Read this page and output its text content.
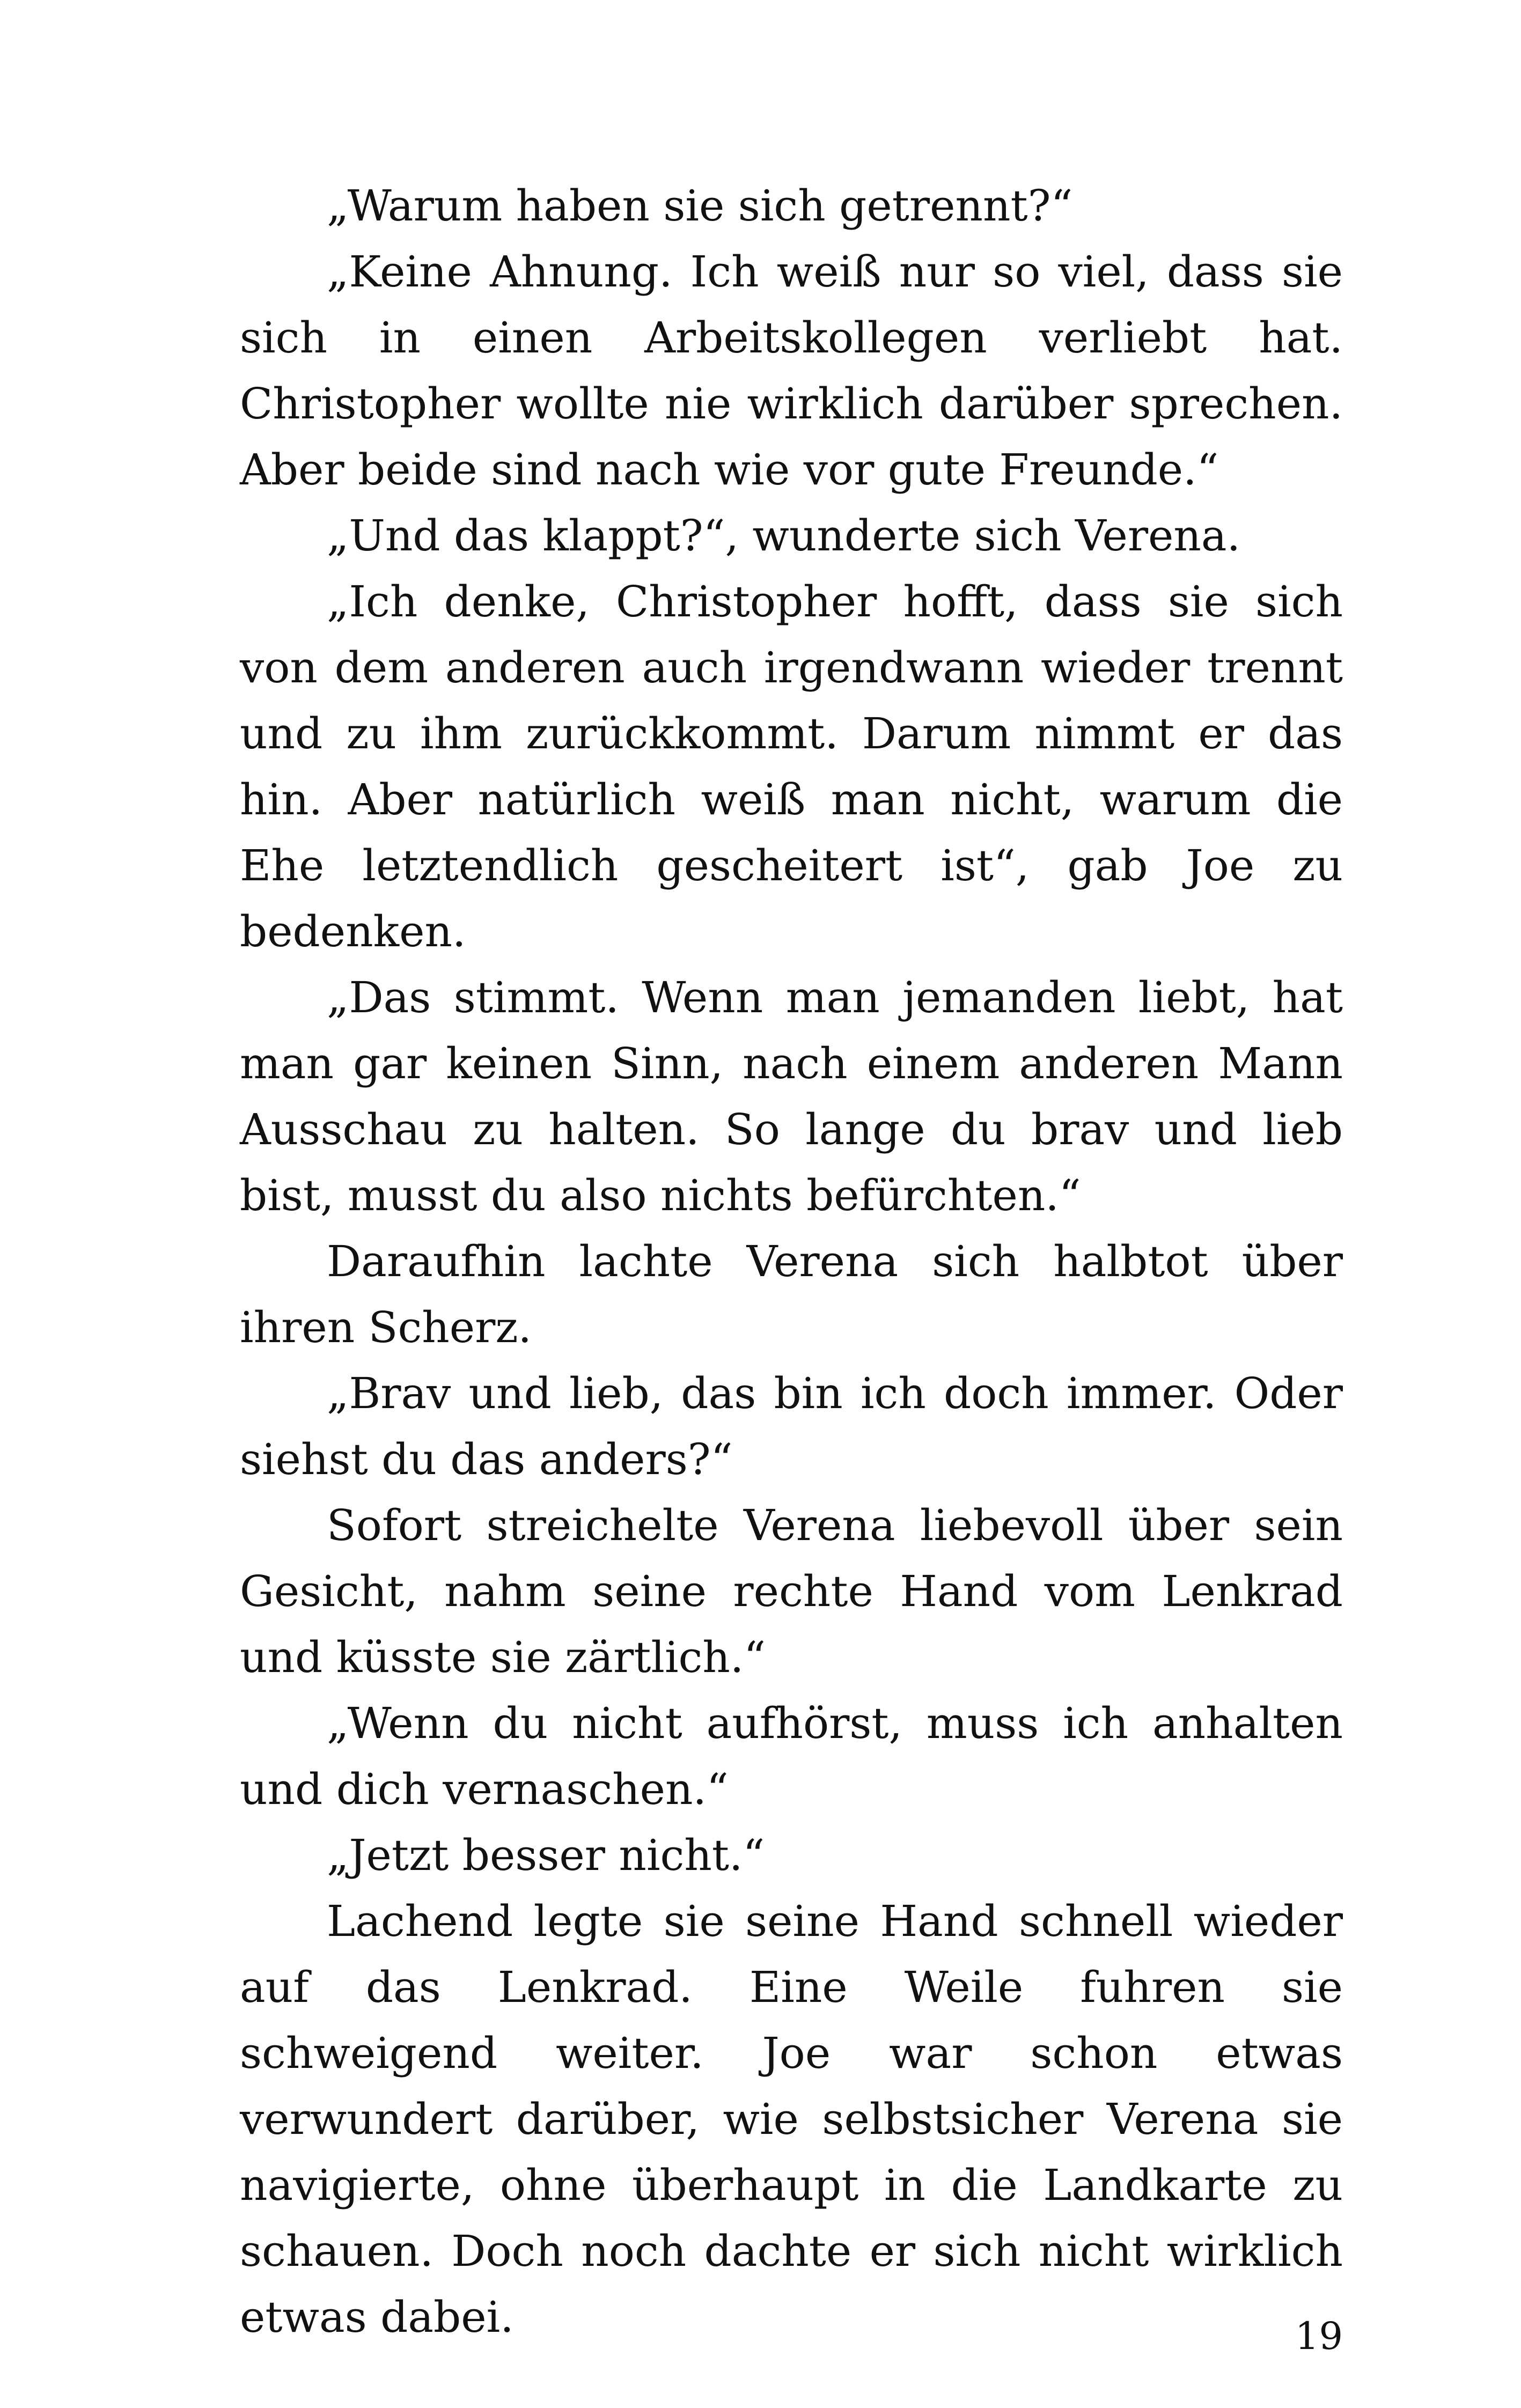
„Warum haben sie sich getrennt?“

„Keine Ahnung. Ich weiß nur so viel, dass sie sich in einen Arbeitskollegen verliebt hat. Christopher wollte nie wirklich darüber sprechen. Aber beide sind nach wie vor gute Freunde.“

„Und das klappt?“, wunderte sich Verena.

„Ich denke, Christopher hofft, dass sie sich von dem anderen auch irgendwann wieder trennt und zu ihm zurückkommt. Darum nimmt er das hin. Aber natürlich weiß man nicht, warum die Ehe letztendlich gescheitert ist“, gab Joe zu bedenken.

„Das stimmt. Wenn man jemanden liebt, hat man gar keinen Sinn, nach einem anderen Mann Ausschau zu halten. So lange du brav und lieb bist, musst du also nichts befürchten.“

Daraufhin lachte Verena sich halbtot über ihren Scherz.

„Brav und lieb, das bin ich doch immer. Oder siehst du das anders?“

Sofort streichelte Verena liebevoll über sein Gesicht, nahm seine rechte Hand vom Lenkrad und küsste sie zärtlich.“

„Wenn du nicht aufhörst, muss ich anhalten und dich vernaschen.“

„Jetzt besser nicht.“

Lachend legte sie seine Hand schnell wieder auf das Lenkrad. Eine Weile fuhren sie schweigend weiter. Joe war schon etwas verwundert darüber, wie selbstsicher Verena sie navigierte, ohne überhaupt in die Landkarte zu schauen. Doch noch dachte er sich nicht wirklich etwas dabei.	19
